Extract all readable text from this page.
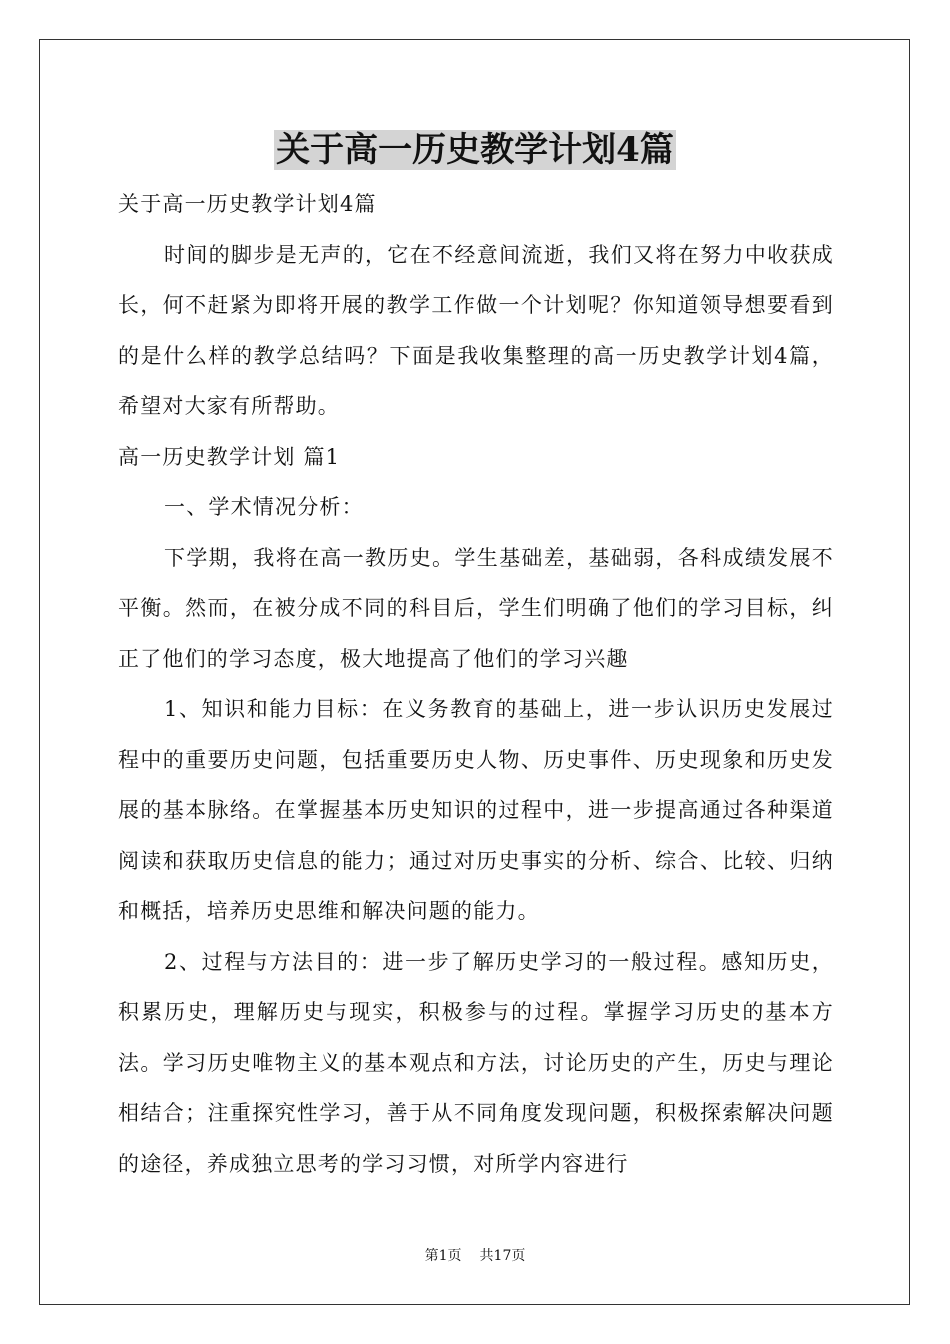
关于高一历史教学计划4篇

关于高一历史教学计划4篇

时间的脚步是无声的，它在不经意间流逝，我们又将在努力中收获成长，何不赶紧为即将开展的教学工作做一个计划呢？你知道领导想要看到的是什么样的教学总结吗？下面是我收集整理的高一历史教学计划4篇，希望对大家有所帮助。

高一历史教学计划 篇1

一、学术情况分析：

下学期，我将在高一教历史。学生基础差，基础弱，各科成绩发展不平衡。然而，在被分成不同的科目后，学生们明确了他们的学习目标，纠正了他们的学习态度，极大地提高了他们的学习兴趣

1、知识和能力目标：在义务教育的基础上，进一步认识历史发展过程中的重要历史问题，包括重要历史人物、历史事件、历史现象和历史发展的基本脉络。在掌握基本历史知识的过程中，进一步提高通过各种渠道阅读和获取历史信息的能力；通过对历史事实的分析、综合、比较、归纳和概括，培养历史思维和解决问题的能力。

2、过程与方法目的：进一步了解历史学习的一般过程。感知历史，积累历史，理解历史与现实，积极参与的过程。掌握学习历史的基本方法。学习历史唯物主义的基本观点和方法，讨论历史的产生，历史与理论相结合；注重探究性学习，善于从不同角度发现问题，积极探索解决问题的途径，养成独立思考的学习习惯，对所学内容进行

第1页 共17页
